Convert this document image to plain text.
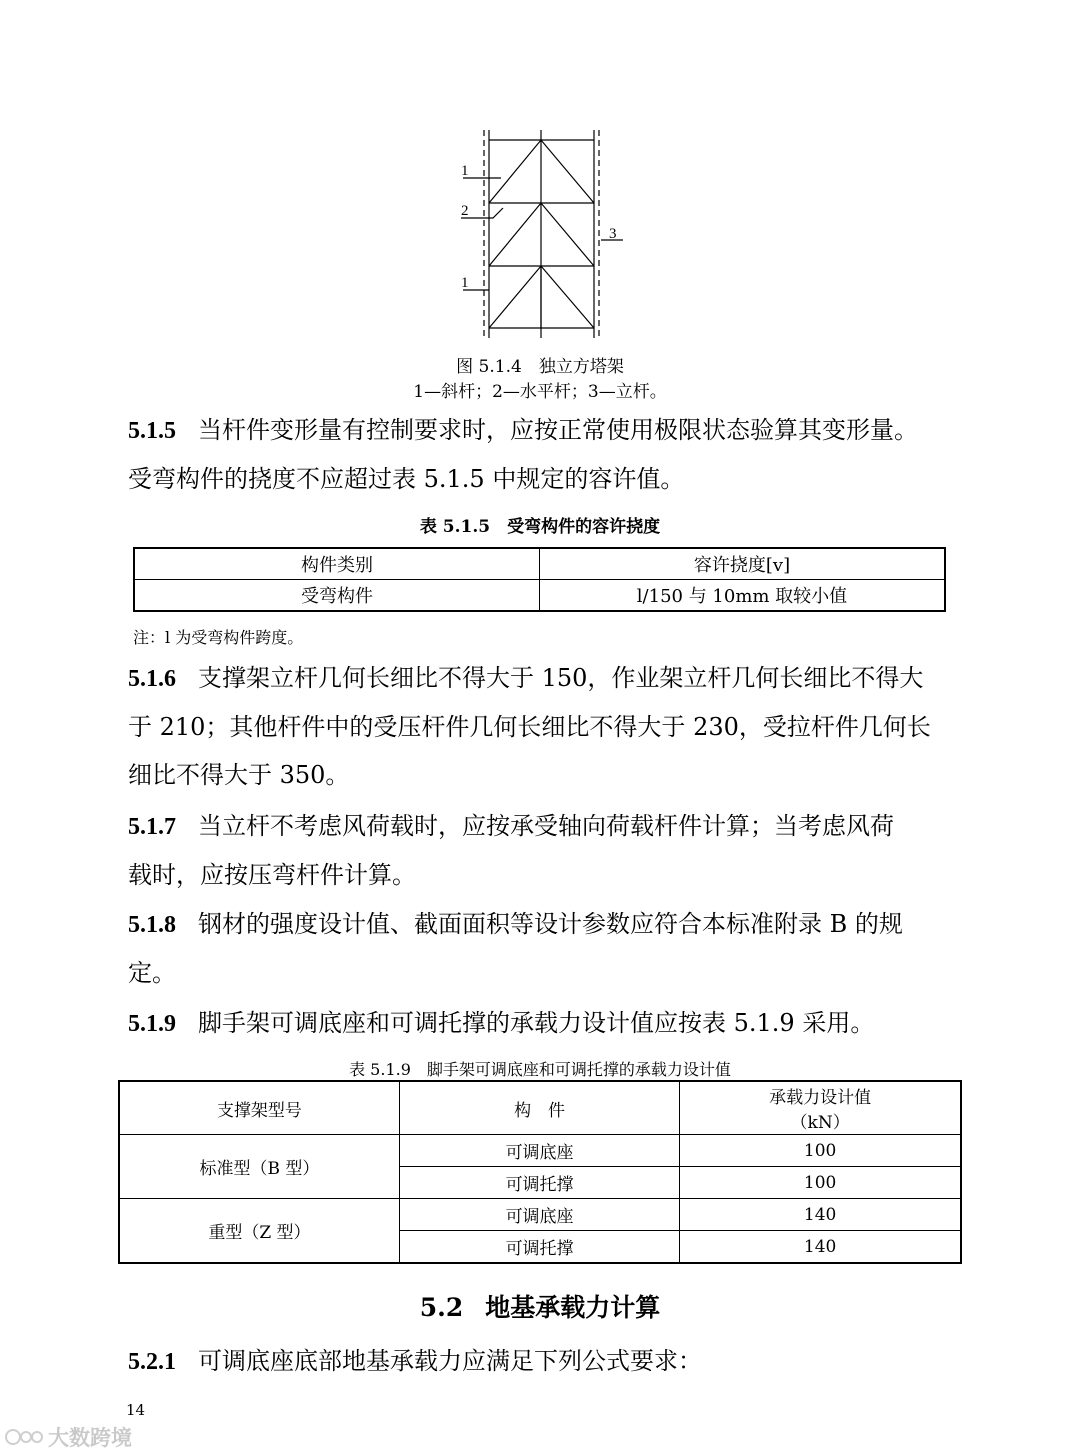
1
2
3
1
图 5.1.4　独立方塔架
1—斜杆；2—水平杆；3—立杆。
5.1.5 当杆件变形量有控制要求时，应按正常使用极限状态验算其变形量。
受弯构件的挠度不应超过表 5.1.5 中规定的容许值。
表 5.1.5　受弯构件的容许挠度
构件类别	容许挠度[v]
受弯构件	l/150 与 10mm 取较小值
注：l 为受弯构件跨度。
5.1.6 支撑架立杆几何长细比不得大于 150，作业架立杆几何长细比不得大
于 210；其他杆件中的受压杆件几何长细比不得大于 230，受拉杆件几何长
细比不得大于 350。
5.1.7 当立杆不考虑风荷载时，应按承受轴向荷载杆件计算；当考虑风荷
载时，应按压弯杆件计算。
5.1.8 钢材的强度设计值、截面面积等设计参数应符合本标准附录 B 的规
定。
5.1.9 脚手架可调底座和可调托撑的承载力设计值应按表 5.1.9 采用。
表 5.1.9　脚手架可调底座和可调托撑的承载力设计值
支撑架型号	构　件	承载力设计值
（kN）

标准型（B 型）	可调底座	100
	可调托撑	100
重型（Z 型）	可调底座	140
	可调托撑	140
5.2 地基承载力计算
5.2.1 可调底座底部地基承载力应满足下列公式要求：
14
大数跨境
